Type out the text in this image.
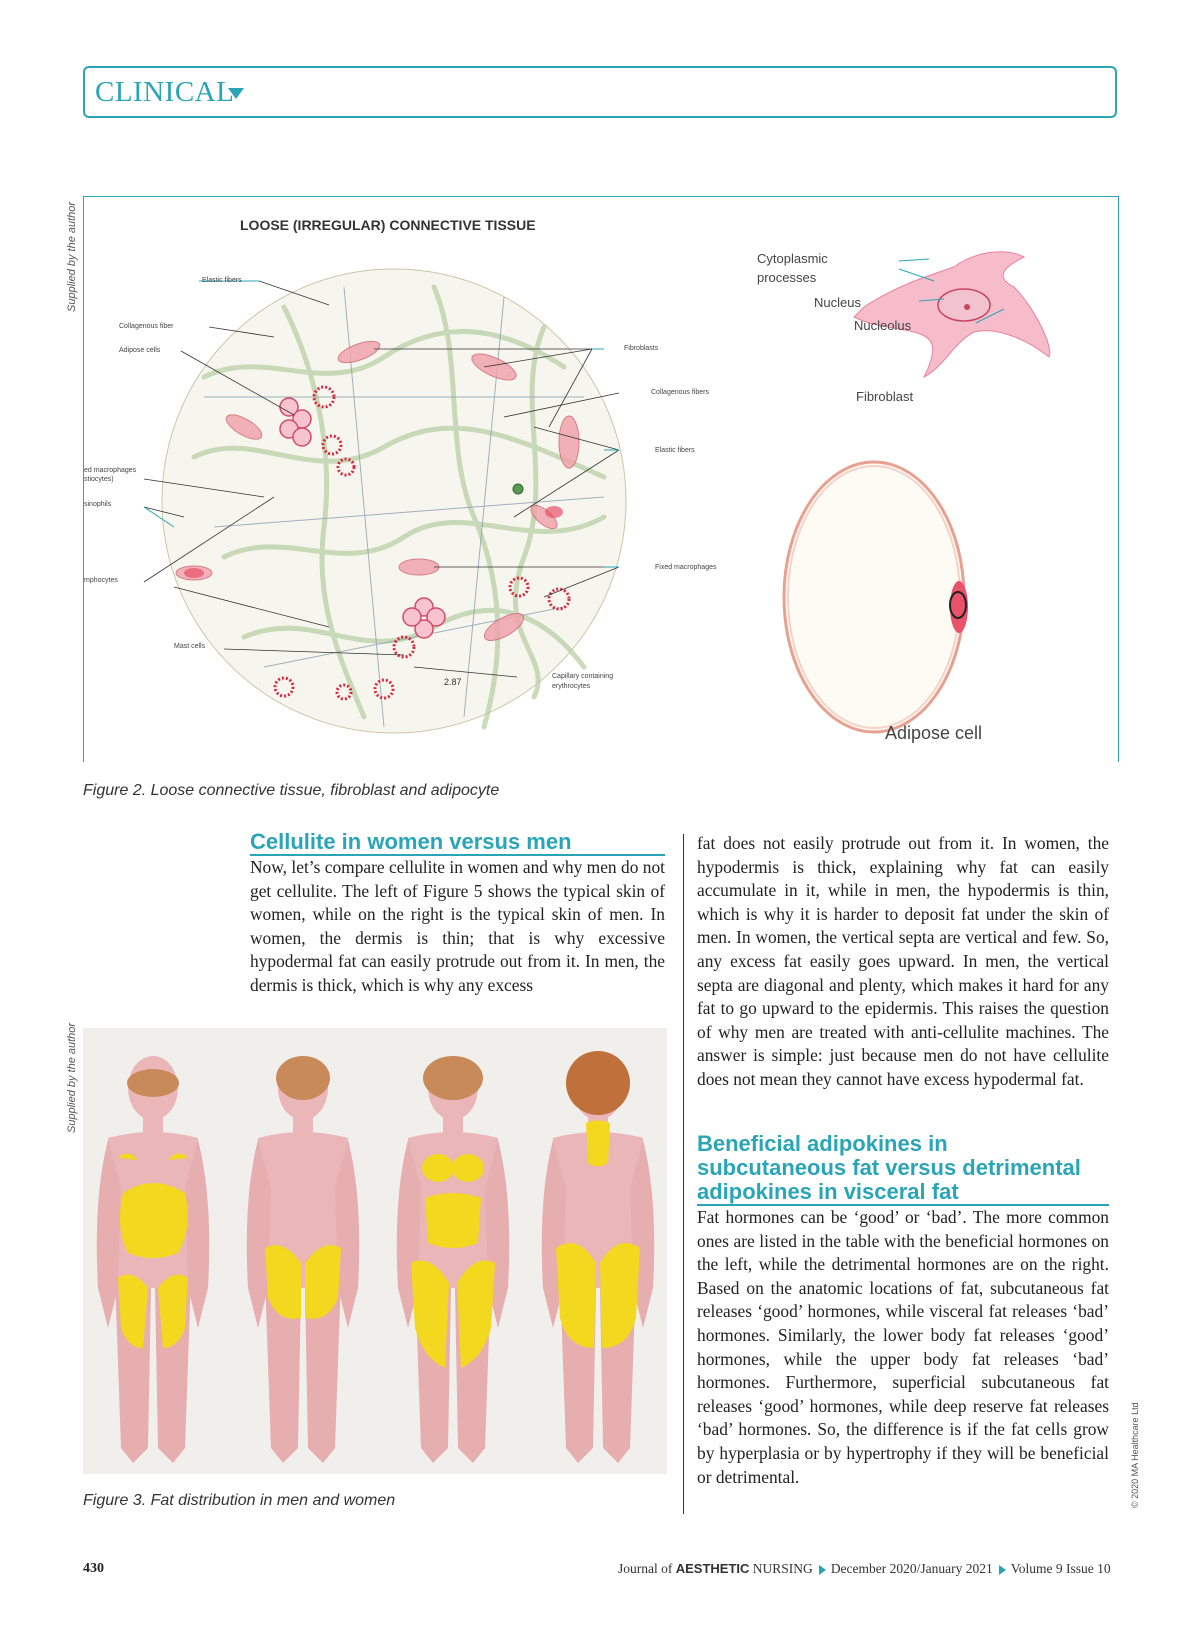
CLINICAL
Supplied by the author	LOOSE (IRREGULAR) CONNECTIVE TISSUE
2.87
Elastic fibers
Collagenous fiber
Adipose cells
ed macrophages
stiocytes)
sinophils
mphocytes
Mast cells
Fibroblasts
Collagenous fibers
Elastic fibers
Fixed macrophages
Capillary containing
erythrocytes
Cytoplasmic
processes
Nucleus
Nucleolus
Fibroblast
Adipose cell
Figure 2. Loose connective tissue, fibroblast and adipocyte
Cellulite in women versus men

Now, let’s compare cellulite in women and why men do not get cellulite. The left of Figure 5 shows the typical skin of women, while on the right is the typical skin of men. In women, the dermis is thin; that is why excessive hypodermal fat can easily protrude out from it. In men, the dermis is thick, which is why any excess

fat does not easily protrude out from it. In women, the hypodermis is thick, explaining why fat can easily accumulate in it, while in men, the hypodermis is thin, which is why it is harder to deposit fat under the skin of men. In women, the vertical septa are vertical and few. So, any excess fat easily goes upward. In men, the vertical septa are diagonal and plenty, which makes it hard for any fat to go upward to the epidermis. This raises the question of why men are treated with anti-cellulite machines. The answer is simple: just because men do not have cellulite does not mean they cannot have excess hypodermal fat.

Beneficial adipokines in
subcutaneous fat versus detrimental
adipokines in visceral fat

Fat hormones can be ‘good’ or ‘bad’. The more common ones are listed in the table with the beneficial hormones on the left, while the detrimental hormones are on the right. Based on the anatomic locations of fat, subcutaneous fat releases ‘good’ hormones, while visceral fat releases ‘bad’ hormones. Similarly, the lower body fat releases ‘good’ hormones, while the upper body fat releases ‘bad’ hormones. Furthermore, superficial subcutaneous fat releases ‘good’ hormones, while deep reserve fat releases ‘bad’ hormones. So, the difference is if the fat cells grow by hyperplasia or by hypertrophy if they will be beneficial or detrimental.

Supplied by the author
Figure 3. Fat distribution in men and women	© 2020 MA Healthcare Ltd
430	Journal of AESTHETIC NURSING December 2020/January 2021 Volume 9 Issue 10
